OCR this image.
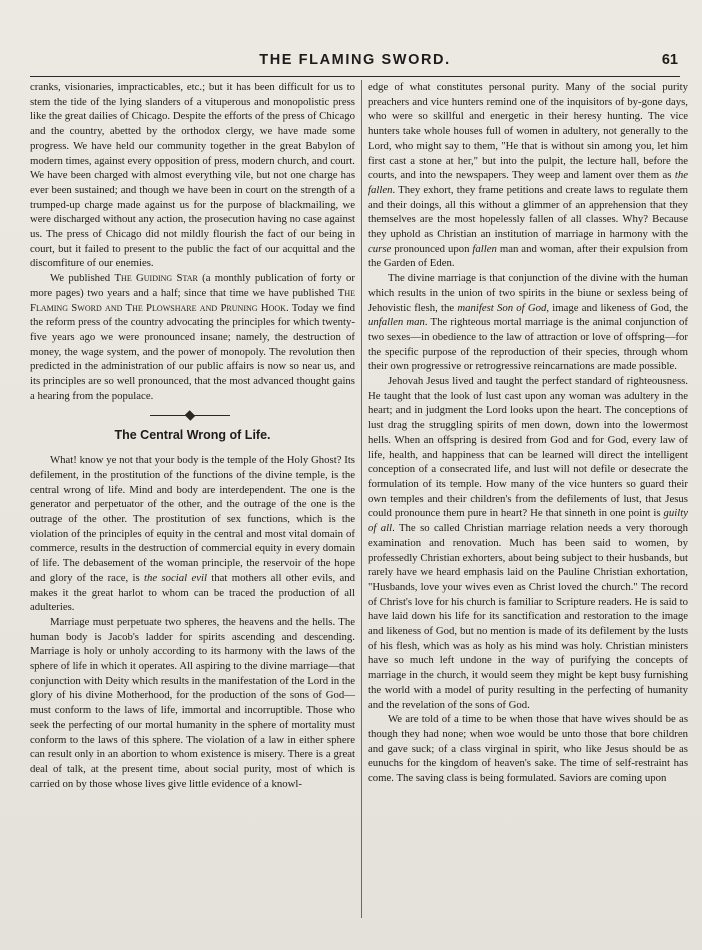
THE FLAMING SWORD.	61

cranks, visionaries, impracticables, etc.; but it has been difficult for us to stem the tide of the lying slanders of a vituperous and monopolistic press like the great dailies of Chicago. Despite the efforts of the press of Chicago and the country, abetted by the orthodox clergy, we have made some progress. We have held our community together in the great Babylon of modern times, against every opposition of press, modern church, and court. We have been charged with almost everything vile, but not one charge has ever been sustained; and though we have been in court on the strength of a trumped-up charge made against us for the purpose of blackmailing, we were discharged without any action, the prosecution having no case against us. The press of Chicago did not mildly flourish the fact of our being in court, but it failed to present to the public the fact of our acquittal and the discomfiture of our enemies.

We published The Guiding Star (a monthly publication of forty or more pages) two years and a half; since that time we have published The Flaming Sword and The Plowshare and Pruning Hook. Today we find the reform press of the country advocating the principles for which twenty-five years ago we were pronounced insane; namely, the destruction of money, the wage system, and the power of monopoly. The revolution then predicted in the administration of our public affairs is now so near us, and its principles are so well pronounced, that the most advanced thought gains a hearing from the populace.

The Central Wrong of Life.

What! know ye not that your body is the temple of the Holy Ghost? Its defilement, in the prostitution of the functions of the divine temple, is the central wrong of life. Mind and body are interdependent. The one is the generator and perpetuator of the other, and the outrage of the one is the outrage of the other. The prostitution of sex functions, which is the violation of the principles of equity in the central and most vital domain of commerce, results in the destruction of commercial equity in every domain of life. The debasement of the woman principle, the reservoir of the hope and glory of the race, is the social evil that mothers all other evils, and makes it the great harlot to whom can be traced the production of all adulteries.

Marriage must perpetuate two spheres, the heavens and the hells. The human body is Jacob's ladder for spirits ascending and descending. Marriage is holy or unholy according to its harmony with the laws of the sphere of life in which it operates. All aspiring to the divine marriage—that conjunction with Deity which results in the manifestation of the Lord in the glory of his divine Motherhood, for the production of the sons of God—must conform to the laws of life, immortal and incorruptible. Those who seek the perfecting of our mortal humanity in the sphere of mortality must conform to the laws of this sphere. The violation of a law in either sphere can result only in an abortion to whom existence is misery. There is a great deal of talk, at the present time, about social purity, most of which is carried on by those whose lives give little evidence of a knowl-

edge of what constitutes personal purity. Many of the social purity preachers and vice hunters remind one of the inquisitors of by-gone days, who were so skillful and energetic in their heresy hunting. The vice hunters take whole houses full of women in adultery, not generally to the Lord, who might say to them, "He that is without sin among you, let him first cast a stone at her," but into the pulpit, the lecture hall, before the courts, and into the newspapers. They weep and lament over them as the fallen. They exhort, they frame petitions and create laws to regulate them and their doings, all this without a glimmer of an apprehension that they themselves are the most hopelessly fallen of all classes. Why? Because they uphold as Christian an institution of marriage in harmony with the curse pronounced upon fallen man and woman, after their expulsion from the Garden of Eden.

The divine marriage is that conjunction of the divine with the human which results in the union of two spirits in the biune or sexless being of Jehovistic flesh, the manifest Son of God, image and likeness of God, the unfallen man. The righteous mortal marriage is the animal conjunction of two sexes—in obedience to the law of attraction or love of offspring—for the specific purpose of the reproduction of their species, through whom their own progressive or retrogressive reincarnations are made possible.

Jehovah Jesus lived and taught the perfect standard of righteousness. He taught that the look of lust cast upon any woman was adultery in the heart; and in judgment the Lord looks upon the heart. The conceptions of lust drag the struggling spirits of men down, down into the lowermost hells. When an offspring is desired from God and for God, every law of life, health, and happiness that can be learned will direct the intelligent conception of a consecrated life, and lust will not defile or desecrate the formulation of its temple. How many of the vice hunters so guard their own temples and their children's from the defilements of lust, that Jesus could pronounce them pure in heart? He that sinneth in one point is guilty of all. The so called Christian marriage relation needs a very thorough examination and renovation. Much has been said to women, by professedly Christian exhorters, about being subject to their husbands, but rarely have we heard emphasis laid on the Pauline Christian exhortation, "Husbands, love your wives even as Christ loved the church." The record of Christ's love for his church is familiar to Scripture readers. He is said to have laid down his life for its sanctification and restoration to the image and likeness of God, but no mention is made of its defilement by the lusts of his flesh, which was as holy as his mind was holy. Christian ministers have so much left undone in the way of purifying the concepts of marriage in the church, it would seem they might be kept busy furnishing the world with a model of purity resulting in the perfecting of humanity and the revelation of the sons of God.

We are told of a time to be when those that have wives should be as though they had none; when woe would be unto those that bore children and gave suck; of a class virginal in spirit, who like Jesus should be as eunuchs for the kingdom of heaven's sake. The time of self-restraint has come. The saving class is being formulated. Saviors are coming upon
